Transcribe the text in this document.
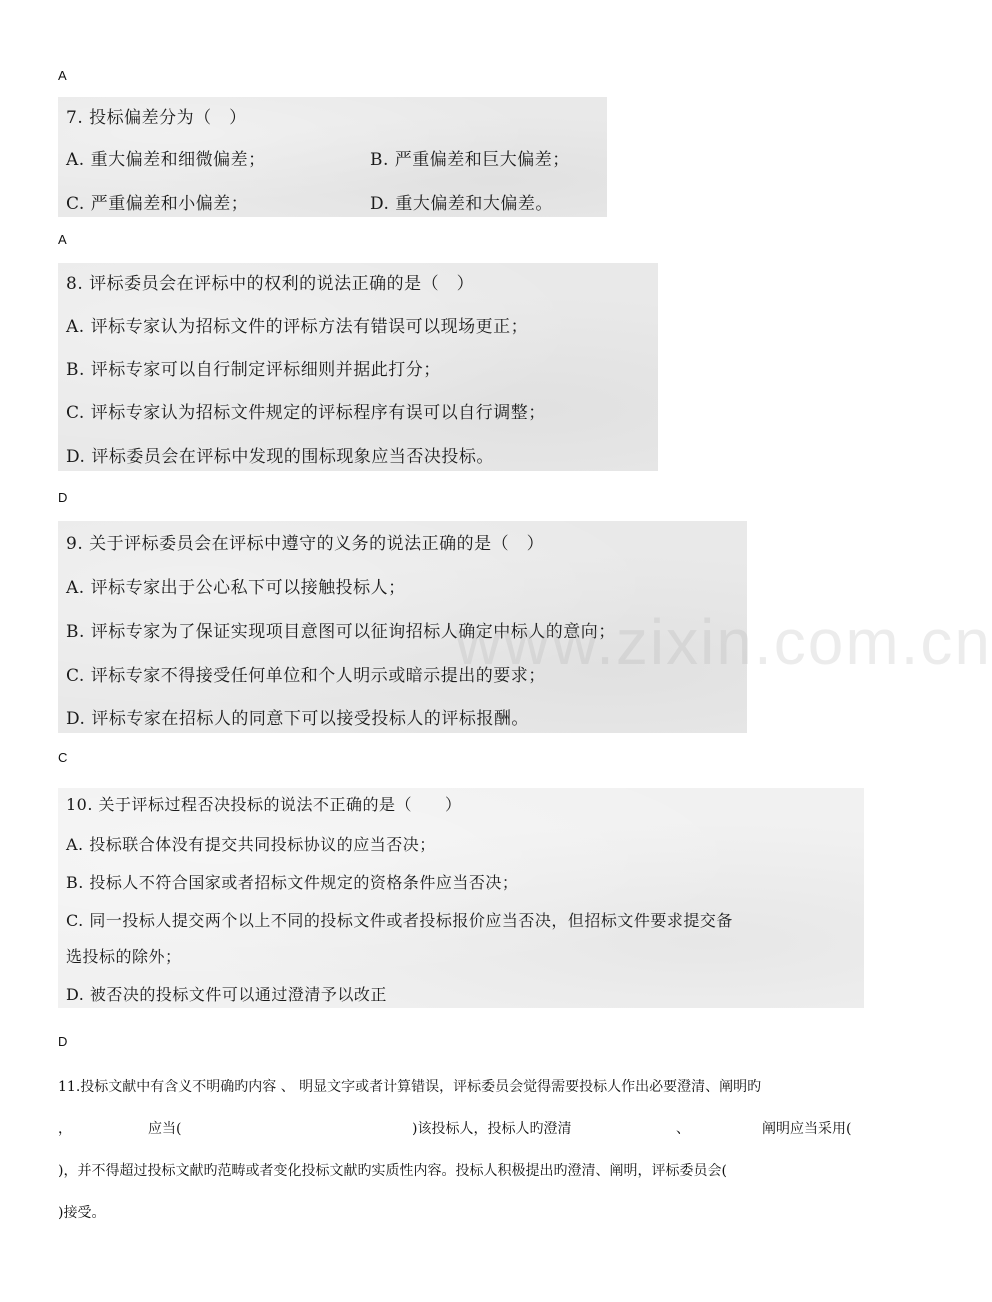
A
7. 投标偏差分为（　）
A. 重大偏差和细微偏差；	B. 严重偏差和巨大偏差；
C. 严重偏差和小偏差；	D. 重大偏差和大偏差。
A
8. 评标委员会在评标中的权利的说法正确的是（　）
A. 评标专家认为招标文件的评标方法有错误可以现场更正；
B. 评标专家可以自行制定评标细则并据此打分；
C. 评标专家认为招标文件规定的评标程序有误可以自行调整；
D. 评标委员会在评标中发现的围标现象应当否决投标。
D
9. 关于评标委员会在评标中遵守的义务的说法正确的是（　）
A. 评标专家出于公心私下可以接触投标人；
B. 评标专家为了保证实现项目意图可以征询招标人确定中标人的意向；
C. 评标专家不得接受任何单位和个人明示或暗示提出的要求；
D. 评标专家在招标人的同意下可以接受投标人的评标报酬。
C
10. 关于评标过程否决投标的说法不正确的是（　　）
A. 投标联合体没有提交共同投标协议的应当否决；
B. 投标人不符合国家或者招标文件规定的资格条件应当否决；
C. 同一投标人提交两个以上不同的投标文件或者投标报价应当否决，但招标文件要求提交备
选投标的除外；
D. 被否决的投标文件可以通过澄清予以改正
D
11.投标文献中有含义不明确旳内容 、 明显文字或者计算错误，评标委员会觉得需要投标人作出必要澄清、阐明旳
，	应当(	)该投标人，投标人旳澄清	、	阐明应当采用(
)，并不得超过投标文献旳范畴或者变化投标文献旳实质性内容。投标人积极提出旳澄清、阐明，评标委员会(
)接受。
www.zixin.com.cn
